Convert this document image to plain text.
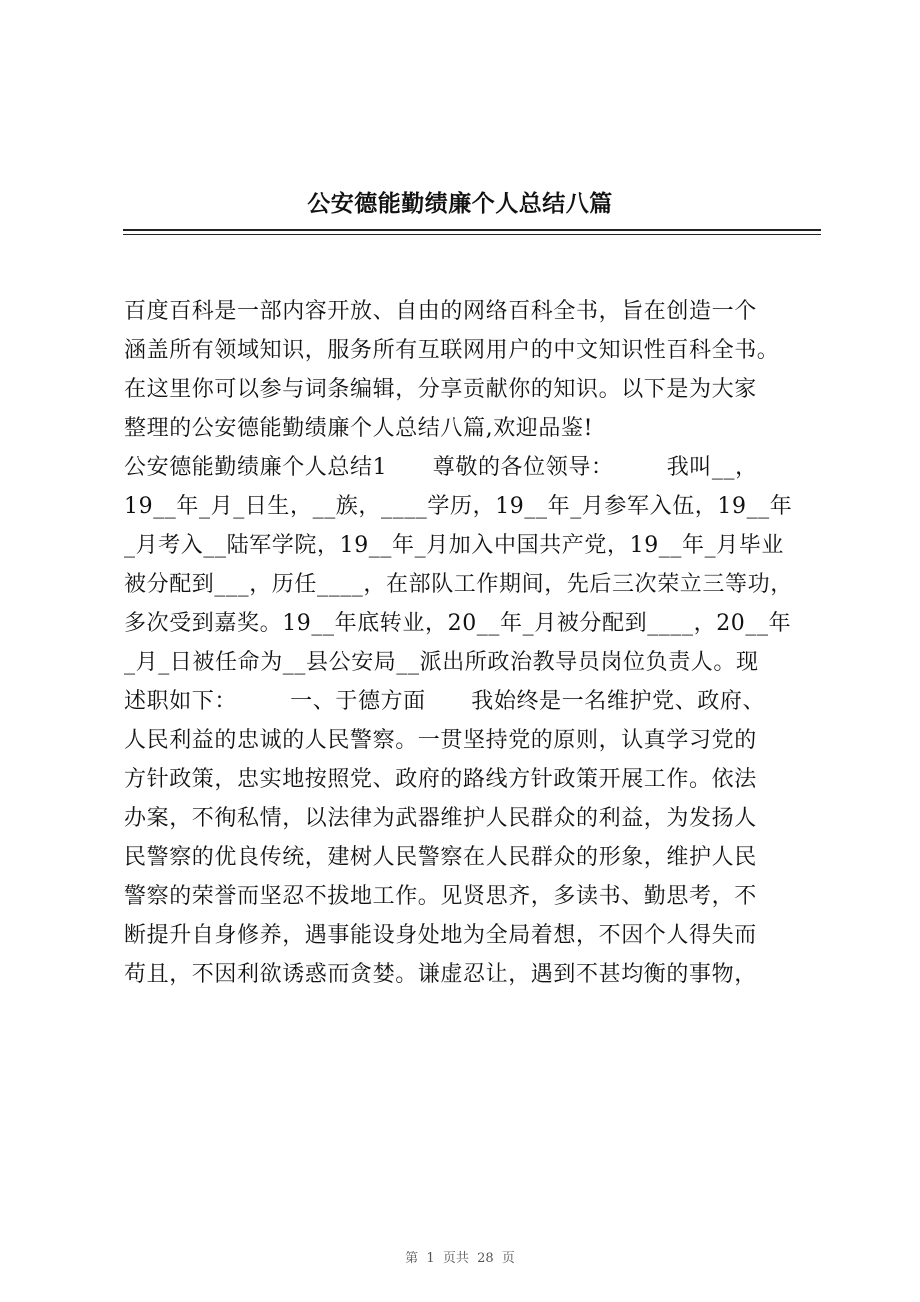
公安德能勤绩廉个人总结八篇
百度百科是一部内容开放、自由的网络百科全书，旨在创造一个
涵盖所有领域知识，服务所有互联网用户的中文知识性百科全书。
在这里你可以参与词条编辑，分享贡献你的知识。以下是为大家
整理的公安德能勤绩廉个人总结八篇,欢迎品鉴!
公安德能勤绩廉个人总结1      尊敬的各位领导：       我叫__，
19__年_月_日生，__族，____学历，19__年_月参军入伍，19__年
_月考入__陆军学院，19__年_月加入中国共产党，19__年_月毕业
被分配到___，历任____，在部队工作期间，先后三次荣立三等功，
多次受到嘉奖。19__年底转业，20__年_月被分配到____，20__年
_月_日被任命为__县公安局__派出所政治教导员岗位负责人。现
述职如下：       一、于德方面      我始终是一名维护党、政府、
人民利益的忠诚的人民警察。一贯坚持党的原则，认真学习党的
方针政策，忠实地按照党、政府的路线方针政策开展工作。依法
办案，不徇私情，以法律为武器维护人民群众的利益，为发扬人
民警察的优良传统，建树人民警察在人民群众的形象，维护人民
警察的荣誉而坚忍不拔地工作。见贤思齐，多读书、勤思考，不
断提升自身修养，遇事能设身处地为全局着想，不因个人得失而
苟且，不因利欲诱惑而贪婪。谦虚忍让，遇到不甚均衡的事物，
第  1  页共  28  页
